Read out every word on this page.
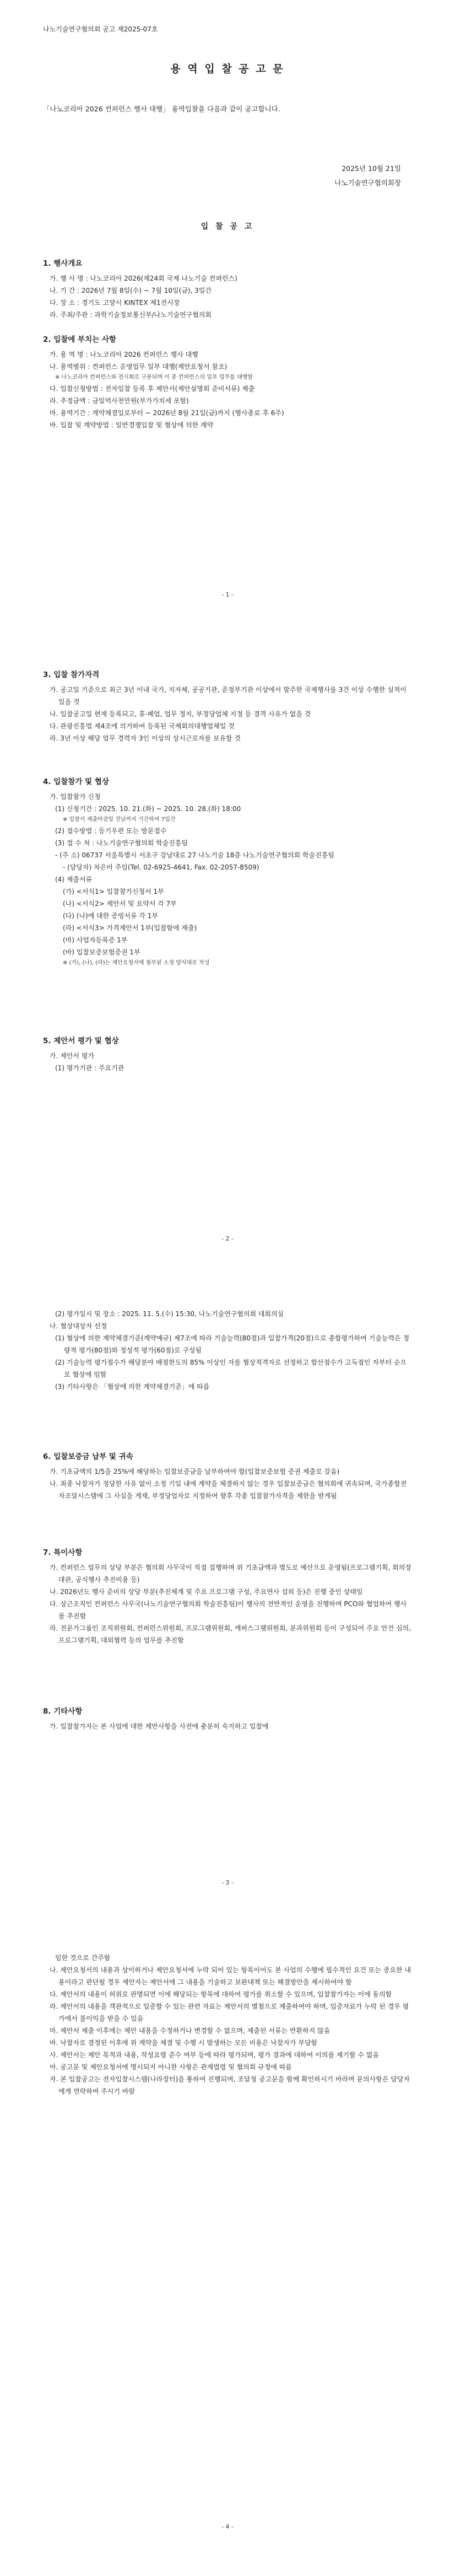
나노기술연구협의회 공고 제2025-07호
용 역 입 찰 공 고 문
「나노코리아 2026 컨퍼런스 행사 대행」 용역입찰을 다음과 같이 공고합니다.
2025년 10월 21일
나노기술연구협의회장
입 찰 공 고
1. 행사개요
가. 행 사 명 : 나노코리아 2026(제24회 국제 나노기술 컨퍼런스)
나. 기 간 : 2026년 7월 8일(수) ~ 7월 10일(금), 3일간
다. 장 소 : 경기도 고양시 KINTEX 제1전시장
라. 주최/주관 : 과학기술정보통신부/나노기술연구협의회
2. 입찰에 부치는 사항
가. 용 역 명 : 나노코리아 2026 컨퍼런스 행사 대행
나. 용역범위 : 컨퍼런스 운영업무 일부 대행(제안요청서 참조)
※ 나노코리아 컨퍼런스와 전시회로 구분되며 이 중 컨퍼런스의 일부 업무를 대행함
다. 입찰신청방법 : 전자입찰 등록 후 제안서(제안설명회 준비서류) 제출
라. 추정금액 : 금일억사천만원(부가가치세 포함)
마. 용역기간 : 계약체결일로부터 ~ 2026년 8월 21일(금)까지 (행사종료 후 6주)
바. 입찰 및 계약방법 : 일반경쟁입찰 및 협상에 의한 계약
- 1 -
3. 입찰 참가자격
가. 공고일 기준으로 최근 3년 이내 국가, 지자체, 공공기관, 준정부기관 이상에서 발주한 국제행사를 3건 이상 수행한 실적이 있을 것
나. 입찰공고일 현재 등록되고, 휴·폐업, 업무 정지, 부정당업체 지정 등 결격 사유가 없을 것
다. 관광진흥법 제4조에 의거하여 등록된 국제회의대행업체일 것
라. 3년 이상 해당 업무 경력자 3인 이상의 상시근로자를 보유할 것
4. 입찰참가 및 협상
가. 입찰참가 신청
(1) 신청기간 : 2025. 10. 21.(화) ~ 2025. 10. 28.(화) 18:00
※ 입찰서 제출마감일 전날까지 기간하여 7일간
(2) 접수방법 : 등기우편 또는 방문접수
(3) 접 수 처 : 나노기술연구협의회 학술진흥팀
- (주 소) 06737 서울특별시 서초구 강남대로 27 나노기술 18층 나노기술연구협의회 학술진흥팀
- (담당자) 차은비 주임(Tel. 02-6925-4641, Fax. 02-2057-8509)
(4) 제출서류
(가) <서식1> 입찰참가신청서 1부
(나) <서식2> 제안서 및 요약서 각 7부
(다) (나)에 대한 증빙서류 각 1부
(라) <서식3> 가격제안서 1부(입찰함에 제출)
(마) 사업자등록증 1부
(바) 입찰보증보험증권 1부
※ (가), (나), (라)는 제안요청서에 첨부된 소정 양식대로 작성
5. 제안서 평가 및 협상
가. 제안서 평가
(1) 평가기관 : 주요기관
- 2 -
(2) 평가일시 및 장소 : 2025. 11. 5.(수) 15:30, 나노기술연구협의회 대회의실
나. 협상대상자 선정
(1) 협상에 의한 계약체결기준(계약예규) 제7조에 따라 기술능력(80점)과 입찰가격(20점)으로 종합평가하여 기술능력은 정량적 평가(80점)와 정성적 평가(60점)로 구성됨
(2) 기술능력 평가점수가 해당분야 배점한도의 85% 이상인 자를 협상적격자로 선정하고 합산점수가 고득점인 자부터 순으로 협상에 임함
(3) 기타사항은 「협상에 의한 계약체결기준」에 따름
6. 입찰보증금 납부 및 귀속
가. 기초금액의 1/5을 25%에 해당하는 입찰보증금을 납부하여야 합(입찰보증보험 증권 제출로 갈음)
나. 최종 낙찰자가 정당한 사유 없이 소정 기일 내에 계약을 체결하지 않는 경우 입찰보증금은 협의회에 귀속되며, 국가종합전자조달시스템에 그 사실을 게재, 부정당업자로 지정하여 향후 각종 입찰참가자격을 제한을 받게됨
7. 특이사항
가. 컨퍼런스 업무의 상당 부분은 협의회 사무국이 직접 집행하며 위 기초금액과 별도로 예산으로 운영됨(프로그램기획, 회의장 대관, 공식행사 추진비용 등)
나. 2026년도 행사 준비의 상당 부분(추진체계 및 주요 프로그램 구성, 주요연사 섭외 등)은 진행 중인 상태임
다. 상근조직인 컨퍼런스 사무국(나노기술연구협의회 학술진흥팀)이 행사의 전반적인 운영을 진행하며 PCO와 협업하여 행사를 추진함
라. 전문가그룹인 조직위원회, 컨퍼런스위원회, 프로그램위원회, 캐퍼스그램위원회, 분과위원회 등이 구성되어 주요 안건 심의, 프로그램기획, 대외협력 등의 업무를 추진함
8. 기타사항
가. 입찰참가자는 본 사업에 대한 제반사항을 사전에 충분히 숙지하고 입찰에
- 3 -
임한 것으로 간주함
나. 제안요청서의 내용과 상이하거나 제안요청서에 누락 되어 있는 항목이어도 본 사업의 수행에 필수적인 요건 또는 중요한 내용이라고 판단될 경우 제안자는 제안서에 그 내용을 기술하고 보완대책 또는 해결방안을 제시하여야 함
다. 제안서의 내용이 허위로 판명되면 이에 해당되는 항목에 대하여 평가를 취소할 수 있으며, 입찰참가자는 이에 동의함
라. 제안서의 내용을 객관적으로 입증할 수 있는 관련 자료는 제안서의 별첨으로 제출하여야 하며, 입증자료가 누락 된 경우 평가에서 불이익을 받을 수 있음
마. 제안서 제출 이후에는 제안 내용을 수정하거나 변경할 수 없으며, 제출된 서류는 반환하지 않음
바. 낙찰자로 결정된 이후에 위 계약을 체결 및 수행 시 발생하는 모든 비용은 낙찰자가 부담함
사. 제안서는 제안 목적과 내용, 작성요령 준수 여부 등에 따라 평가되며, 평가 결과에 대하여 이의를 제기할 수 없음
아. 공고문 및 제안요청서에 명시되지 아니한 사항은 관계법령 및 협의회 규정에 따름
자. 본 입찰공고는 전자입찰시스템(나라장터)을 통하여 진행되며, 조달청 공고문을 함께 확인하시기 바라며 문의사항은 담당자에게 연락하여 주시기 바람
- 4 -
